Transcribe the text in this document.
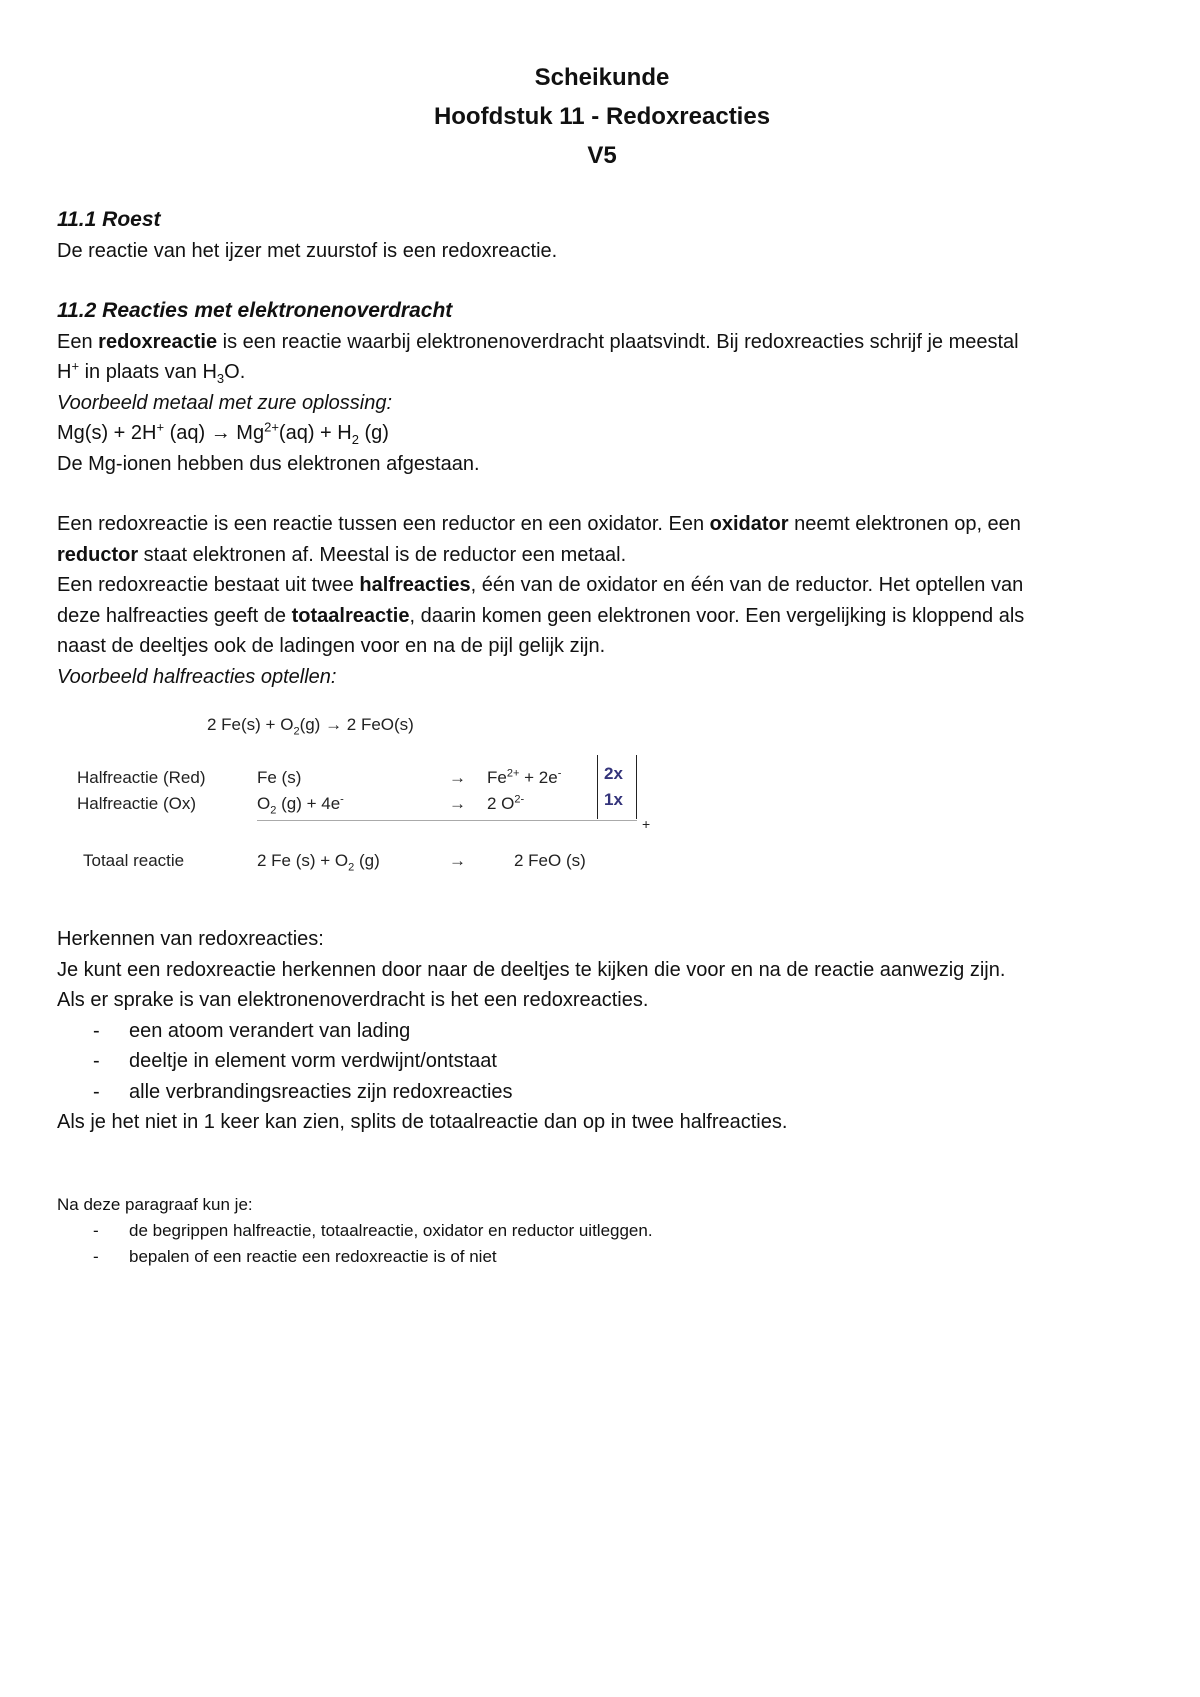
Scheikunde
Hoofdstuk 11 - Redoxreacties
V5

11.1 Roest

De reactie van het ijzer met zuurstof is een redoxreactie.

11.2 Reacties met elektronenoverdracht

Een redoxreactie is een reactie waarbij elektronenoverdracht plaatsvindt. Bij redoxreacties schrijf je meestal

H+ in plaats van $H_3O$.

Voorbeeld metaal met zure oplossing:

Mg(s) + 2H+ $(aq) \to Mg^{2+}(aq) + H_2$ (g)

De Mg-ionen hebben dus elektronen afgestaan.

Een redoxreactie is een reactie tussen een reductor en een oxidator. Een oxidator neemt elektronen op, een
reductor staat elektronen af. Meestal is de reductor een metaal.

Een redoxreactie bestaat uit twee halfreacties, één van de oxidator en één van de reductor. Het optellen van
deze halfreacties geeft de totaalreactie, daarin komen geen elektronen voor. Een vergelijking is kloppend als
naast de deeltjes ook de ladingen voor en na de pijl gelijk zijn.

Voorbeeld halfreacties optellen:

2 $Fe(s) + O_2(g) \to 2$ FeO(s)
Halfreactie (Red)	Fe (s)	→ $Fe^{2+} + 2e^-$	2x
Halfreactie (Ox)	$O_2$ (g) + 4e-	→ 2 $O^{2-}$	1x
+
Totaal reactie	2 Fe $(s) + O_2$ (g)	→	2 FeO (s)

Herkennen van redoxreacties:

Je kunt een redoxreactie herkennen door naar de deeltjes te kijken die voor en na de reactie aanwezig zijn.

Als er sprake is van elektronenoverdracht is het een redoxreacties.

- een atoom verandert van lading
- deeltje in element vorm verdwijnt/ontstaat
- alle verbrandingsreacties zijn redoxreacties

Als je het niet in 1 keer kan zien, splits de totaalreactie dan op in twee halfreacties.

Na deze paragraaf kun je:

- de begrippen halfreactie, totaalreactie, oxidator en reductor uitleggen.
- bepalen of een reactie een redoxreactie is of niet
